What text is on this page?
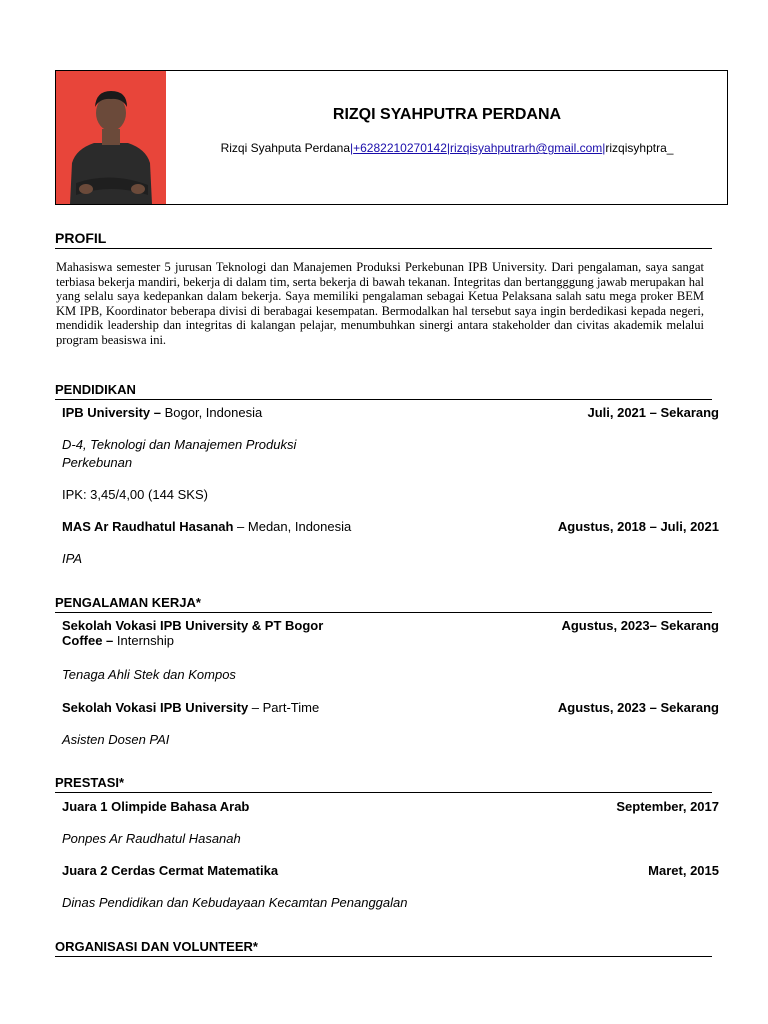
RIZQI SYAHPUTRA PERDANA
Rizqi Syahputa Perdana|+6282210270142|rizqisyahputrarh@gmail.com|rizqisyhptra_
PROFIL
Mahasiswa semester 5 jurusan Teknologi dan Manajemen Produksi Perkebunan IPB University. Dari pengalaman, saya sangat terbiasa bekerja mandiri, bekerja di dalam tim, serta bekerja di bawah tekanan. Integritas dan bertangggung jawab merupakan hal yang selalu saya kedepankan dalam bekerja. Saya memiliki pengalaman sebagai Ketua Pelaksana salah satu mega proker BEM KM IPB, Koordinator beberapa divisi di berabagai kesempatan. Bermodalkan hal tersebut saya ingin berdedikasi kepada negeri, mendidik leadership dan integritas di kalangan pelajar, menumbuhkan sinergi antara stakeholder dan civitas akademik melalui program beasiswa ini.
PENDIDIKAN
IPB University – Bogor, Indonesia	Juli, 2021 – Sekarang
D-4, Teknologi dan Manajemen Produksi
Perkebunan
IPK: 3,45/4,00 (144 SKS)
MAS Ar Raudhatul Hasanah – Medan, Indonesia	Agustus, 2018 – Juli, 2021
IPA
PENGALAMAN KERJA*
Sekolah Vokasi IPB University & PT Bogor
Coffee – Internship
Agustus, 2023– Sekarang
Tenaga Ahli Stek dan Kompos
Sekolah Vokasi IPB University – Part-Time	Agustus, 2023 – Sekarang
Asisten Dosen PAI
PRESTASI*
Juara 1 Olimpide Bahasa Arab	September, 2017
Ponpes Ar Raudhatul Hasanah
Juara 2 Cerdas Cermat Matematika	Maret, 2015
Dinas Pendidikan dan Kebudayaan Kecamtan Penanggalan
ORGANISASI DAN VOLUNTEER*
